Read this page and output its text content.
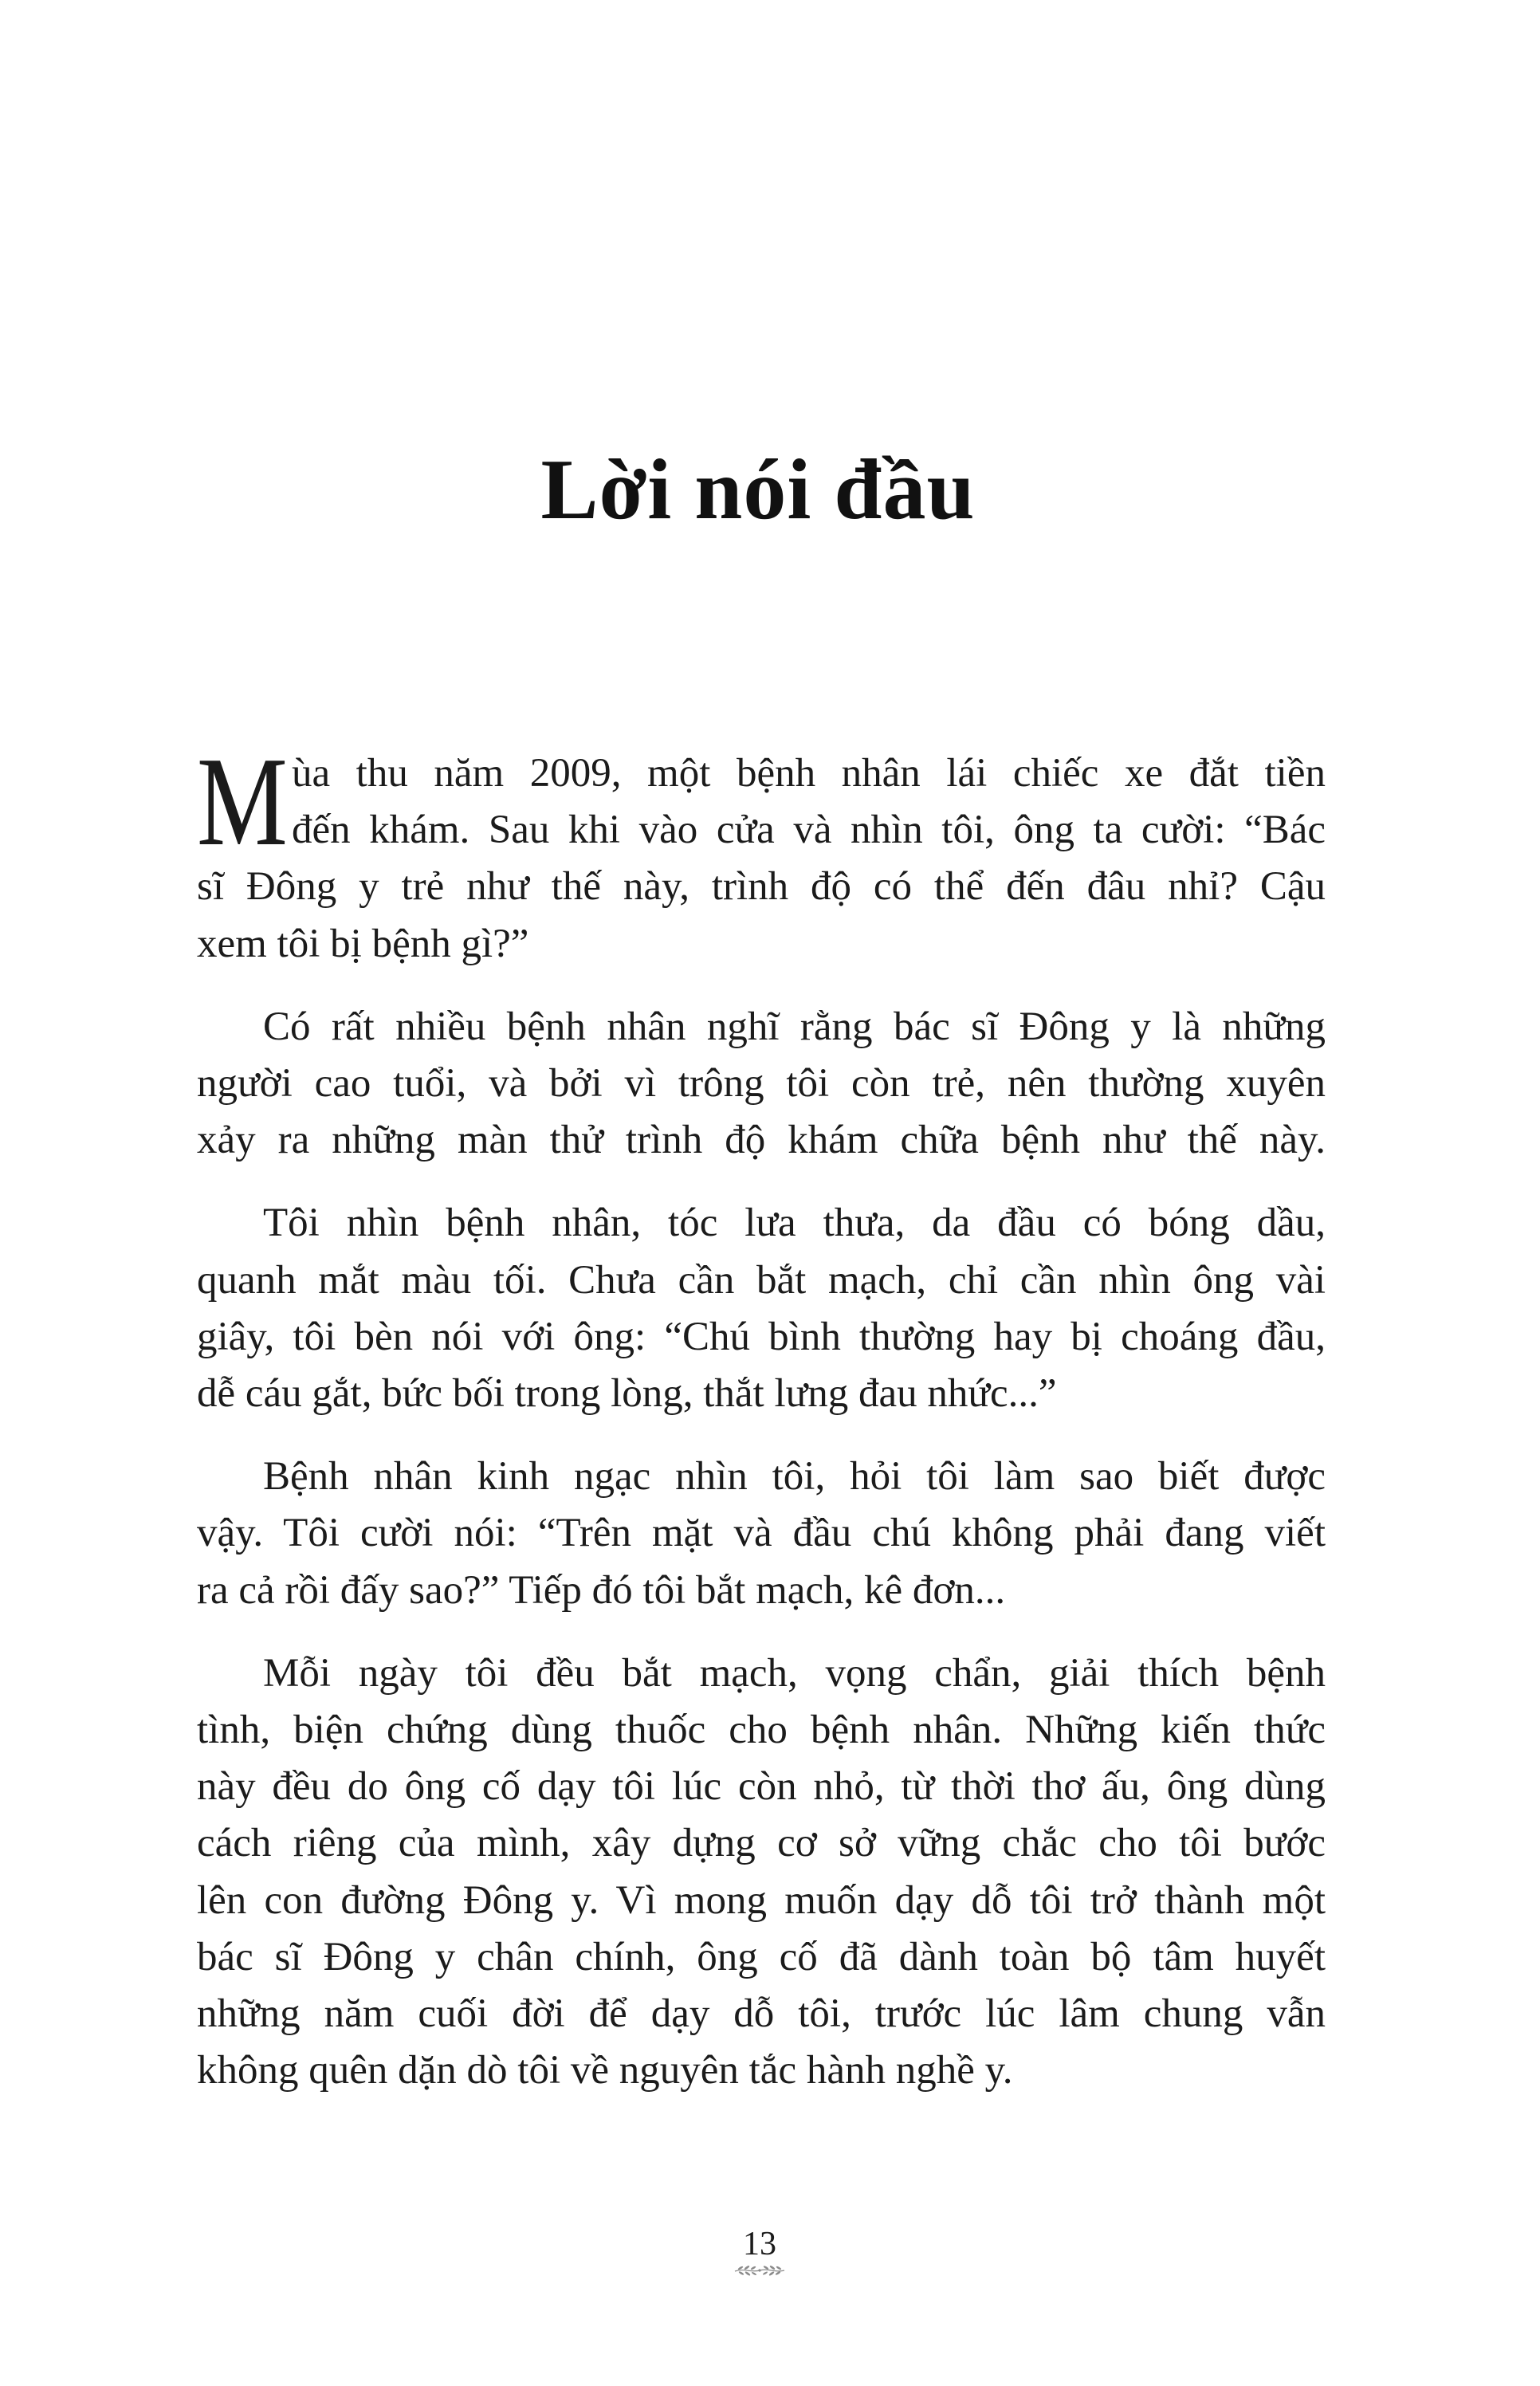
Lời nói đầu
M ùa thu năm 2009, một bệnh nhân lái chiếc xe đắt tiền
đến khám. Sau khi vào cửa và nhìn tôi, ông ta cười: “Bác
sĩ Đông y trẻ như thế này, trình độ có thể đến đâu nhỉ? Cậu
xem tôi bị bệnh gì?”
Có rất nhiều bệnh nhân nghĩ rằng bác sĩ Đông y là những
người cao tuổi, và bởi vì trông tôi còn trẻ, nên thường xuyên
xảy ra những màn thử trình độ khám chữa bệnh như thế này.
Tôi nhìn bệnh nhân, tóc lưa thưa, da đầu có bóng dầu,
quanh mắt màu tối. Chưa cần bắt mạch, chỉ cần nhìn ông vài
giây, tôi bèn nói với ông: “Chú bình thường hay bị choáng đầu,
dễ cáu gắt, bức bối trong lòng, thắt lưng đau nhức...”
Bệnh nhân kinh ngạc nhìn tôi, hỏi tôi làm sao biết được
vậy. Tôi cười nói: “Trên mặt và đầu chú không phải đang viết
ra cả rồi đấy sao?” Tiếp đó tôi bắt mạch, kê đơn...
Mỗi ngày tôi đều bắt mạch, vọng chẩn, giải thích bệnh
tình, biện chứng dùng thuốc cho bệnh nhân. Những kiến thức
này đều do ông cố dạy tôi lúc còn nhỏ, từ thời thơ ấu, ông dùng
cách riêng của mình, xây dựng cơ sở vững chắc cho tôi bước
lên con đường Đông y. Vì mong muốn dạy dỗ tôi trở thành một
bác sĩ Đông y chân chính, ông cố đã dành toàn bộ tâm huyết
những năm cuối đời để dạy dỗ tôi, trước lúc lâm chung vẫn
không quên dặn dò tôi về nguyên tắc hành nghề y.
13
